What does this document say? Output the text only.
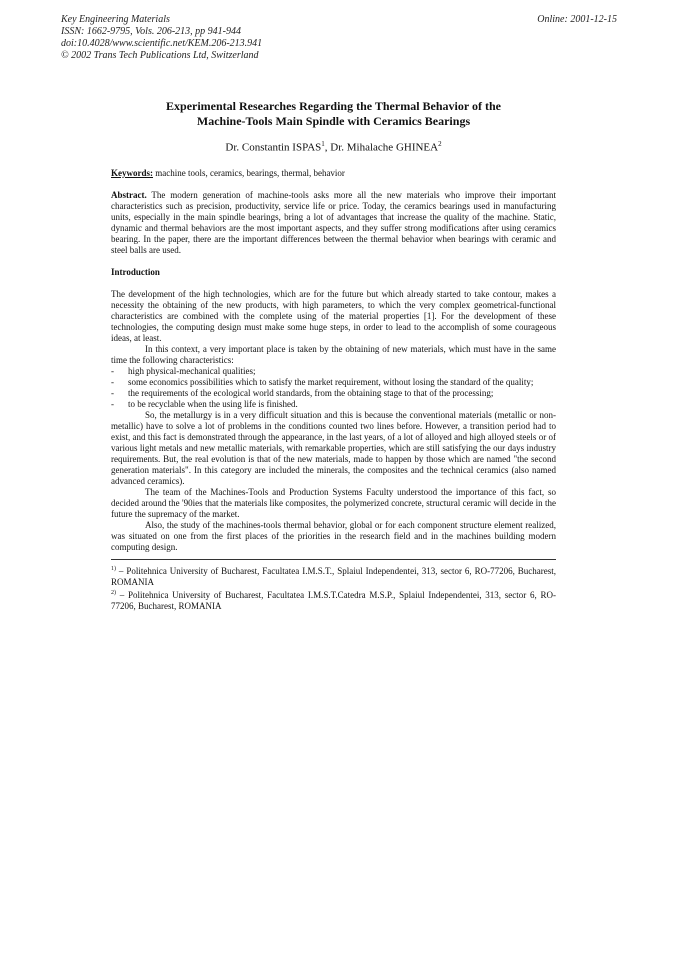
Key Engineering Materials
ISSN: 1662-9795, Vols. 206-213, pp 941-944
doi:10.4028/www.scientific.net/KEM.206-213.941
© 2002 Trans Tech Publications Ltd, Switzerland
Online: 2001-12-15
Experimental Researches Regarding the Thermal Behavior of the
Machine-Tools Main Spindle with Ceramics Bearings
Dr. Constantin ISPAS$^1$, Dr. Mihalache GHINEA$^2$

Keywords: machine tools, ceramics, bearings, thermal, behavior

Abstract. The modern generation of machine-tools asks more all the new materials who improve their important characteristics such as precision, productivity, service life or price. Today, the ceramics bearings used in manufacturing units, especially in the main spindle bearings, bring a lot of advantages that increase the quality of the machine. Static, dynamic and thermal behaviors are the most important aspects, and they suffer strong modifications after using ceramics bearing. In the paper, there are the important differences between the thermal behavior when bearings with ceramic and steel balls are used.

Introduction

The development of the high technologies, which are for the future but which already started to take contour, makes a necessity the obtaining of the new products, with high parameters, to which the very complex geometrical-functional characteristics are combined with the complete using of the material properties [1]. For the development of these technologies, the computing design must make some huge steps, in order to lead to the accomplish of some courageous ideas, at least.

In this context, a very important place is taken by the obtaining of new materials, which must have in the same time the following characteristics:

- high physical-mechanical qualities;
- some economics possibilities which to satisfy the market requirement, without losing the standard of the quality;
- the requirements of the ecological world standards, from the obtaining stage to that of the processing;
- to be recyclable when the using life is finished.

So, the metallurgy is in a very difficult situation and this is because the conventional materials (metallic or non-metallic) have to solve a lot of problems in the conditions counted two lines before. However, a transition period had to exist, and this fact is demonstrated through the appearance, in the last years, of a lot of alloyed and high alloyed steels or of various light metals and new metallic materials, with remarkable properties, which are still satisfying the our days industry requirements. But, the real evolution is that of the new materials, made to happen by those which are named "the second generation materials". In this category are included the minerals, the composites and the technical ceramics (also named advanced ceramics).

The team of the Machines-Tools and Production Systems Faculty understood the importance of this fact, so decided around the '90ies that the materials like composites, the polymerized concrete, structural ceramic will decide in the future the supremacy of the market.

Also, the study of the machines-tools thermal behavior, global or for each component structure element realized, was situated on one from the first places of the priorities in the research field and in the machines building modern computing design.

$^{1)}$ – Politehnica University of Bucharest, Facultatea I.M.S.T., Splaiul Independentei, 313, sector 6, RO-77206, Bucharest, ROMANIA

$^{2)}$ – Politehnica University of Bucharest, Facultatea I.M.S.T.Catedra M.S.P., Splaiul Independentei, 313, sector 6, RO-77206, Bucharest, ROMANIA
